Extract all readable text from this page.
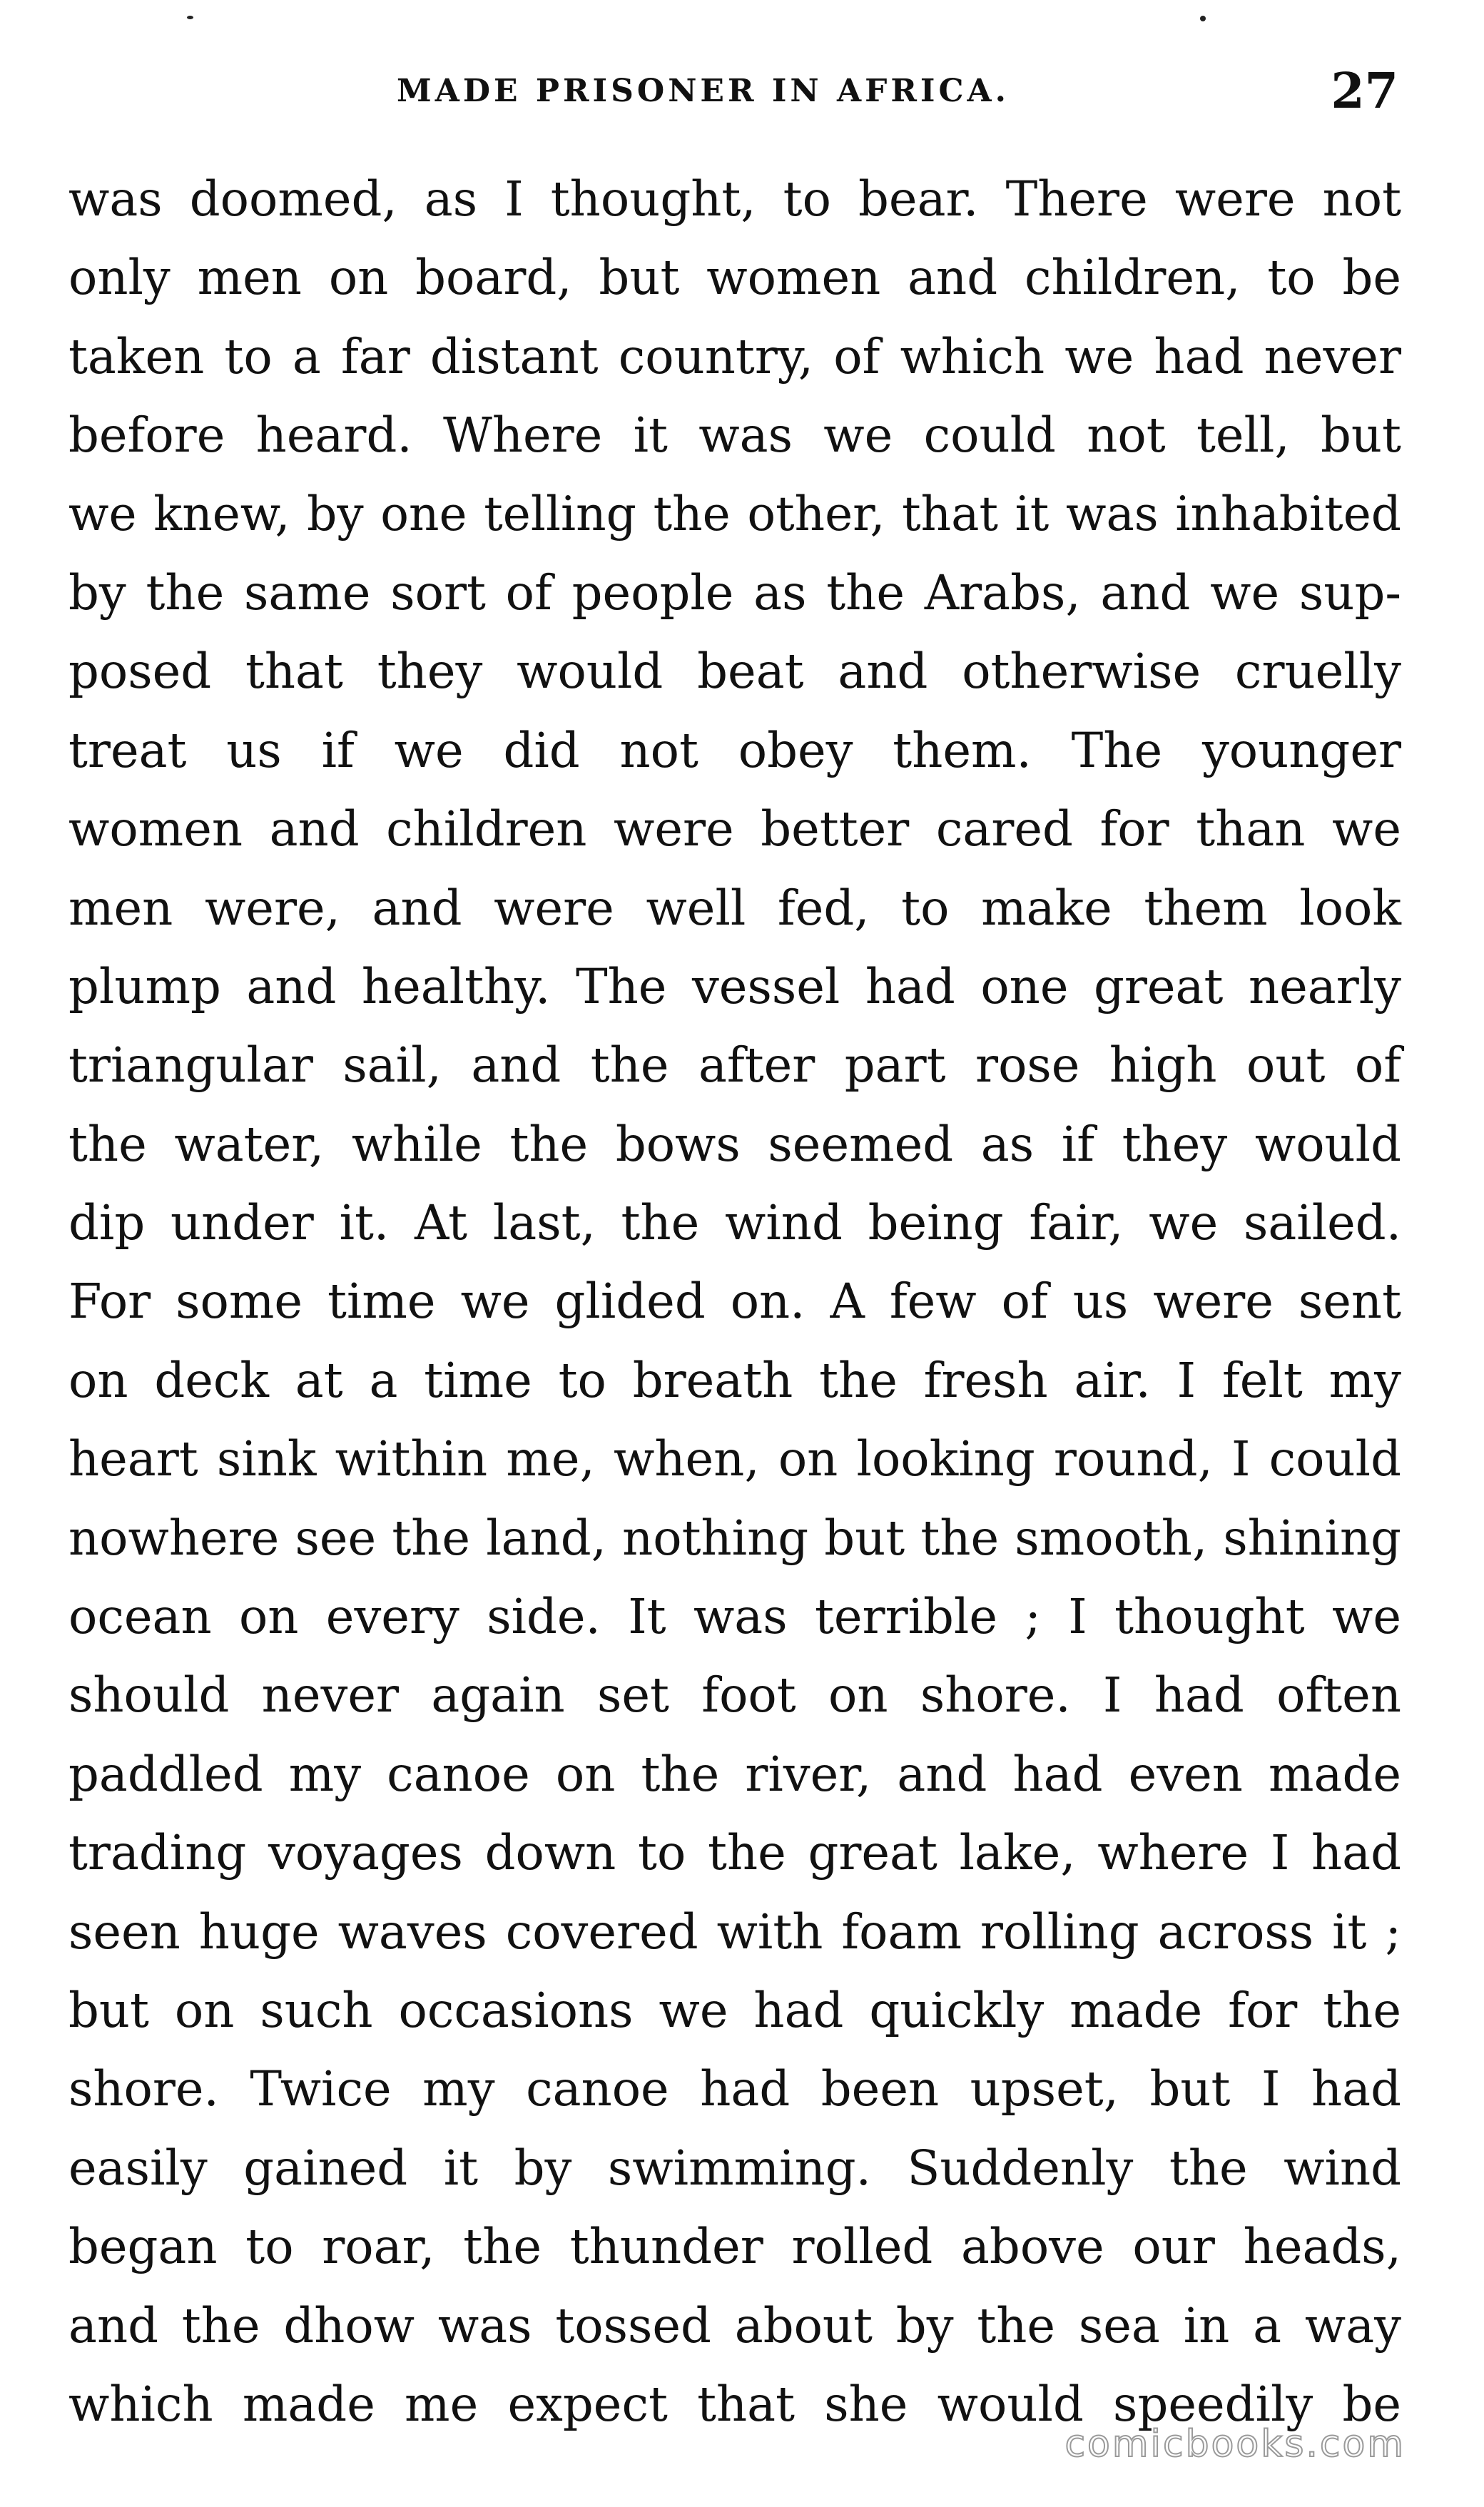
MADE PRISONER IN AFRICA.	27
was doomed, as I thought, to bear. There were not
only men on board, but women and children, to be
taken to a far distant country, of which we had never
before heard. Where it was we could not tell, but
we knew, by one telling the other, that it was inhabited
by the same sort of people as the Arabs, and we sup-
posed that they would beat and otherwise cruelly
treat us if we did not obey them. The younger
women and children were better cared for than we
men were, and were well fed, to make them look
plump and healthy. The vessel had one great nearly
triangular sail, and the after part rose high out of
the water, while the bows seemed as if they would
dip under it. At last, the wind being fair, we sailed.
For some time we glided on. A few of us were sent
on deck at a time to breath the fresh air. I felt my
heart sink within me, when, on looking round, I could
nowhere see the land, nothing but the smooth, shining
ocean on every side. It was terrible ; I thought we
should never again set foot on shore. I had often
paddled my canoe on the river, and had even made
trading voyages down to the great lake, where I had
seen huge waves covered with foam rolling across it ;
but on such occasions we had quickly made for the
shore. Twice my canoe had been upset, but I had
easily gained it by swimming. Suddenly the wind
began to roar, the thunder rolled above our heads,
and the dhow was tossed about by the sea in a way
which made me expect that she would speedily be
comicbooks.com
